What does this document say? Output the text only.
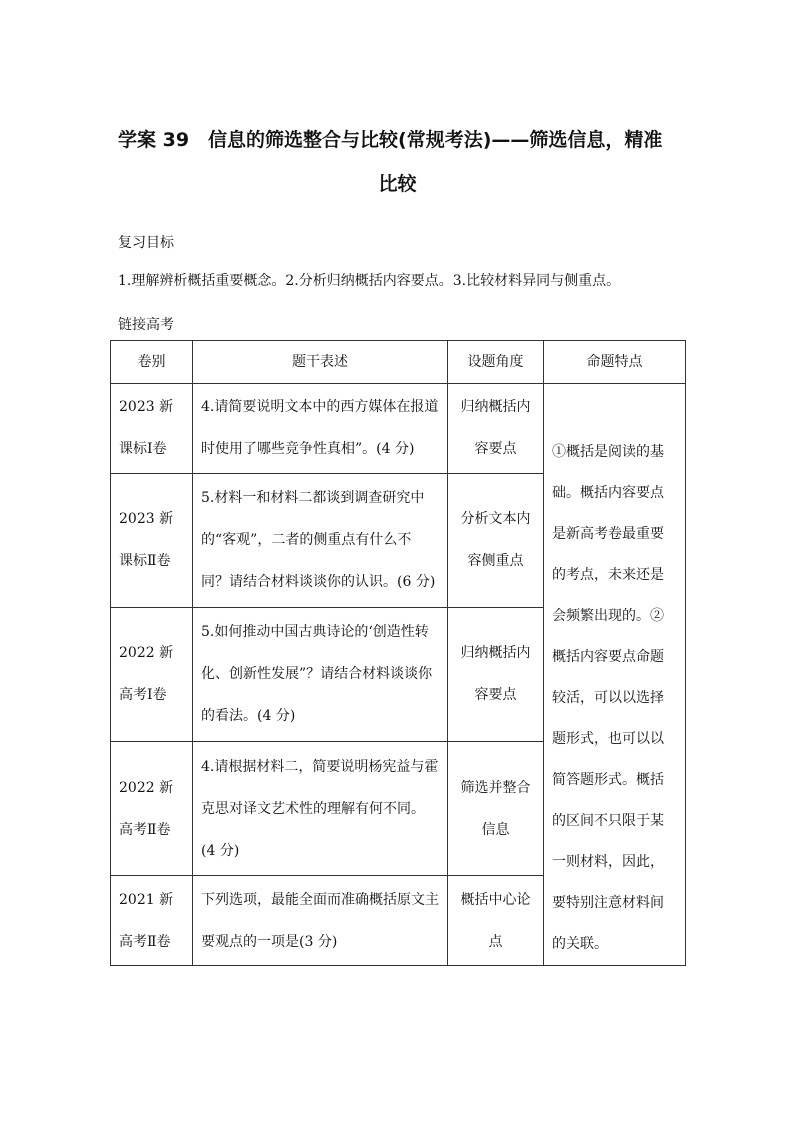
学案 39　信息的筛选整合与比较(常规考法)——筛选信息，精准
比较

复习目标

1.理解辨析概括重要概念。2.分析归纳概括内容要点。3.比较材料异同与侧重点。

链接高考

卷别	题干表述	设题角度	命题特点
2023 新课标Ⅰ卷	4.请简要说明文本中的西方媒体在报道时使用了哪些竞争性真相”。(4 分)	归纳概括内容要点	①概括是阅读的基础。概括内容要点是新高考卷最重要的考点，未来还是会频繁出现的。②概括内容要点命题较活，可以以选择题形式，也可以以简答题形式。概括的区间不只限于某一则材料，因此，要特别注意材料间的关联。
2023 新课标Ⅱ卷	5.材料一和材料二都谈到调查研究中的“客观”，二者的侧重点有什么不同？请结合材料谈谈你的认识。(6 分)	分析文本内容侧重点	
2022 新高考Ⅰ卷	5.如何推动中国古典诗论的‘创造性转化、创新性发展”？请结合材料谈谈你的看法。(4 分)	归纳概括内容要点	
2022 新高考Ⅱ卷	4.请根据材料二，简要说明杨宪益与霍克思对译文艺术性的理解有何不同。(4 分)	筛选并整合信息	
2021 新高考Ⅱ卷	下列选项，最能全面而准确概括原文主要观点的一项是(3 分)	概括中心论点	
